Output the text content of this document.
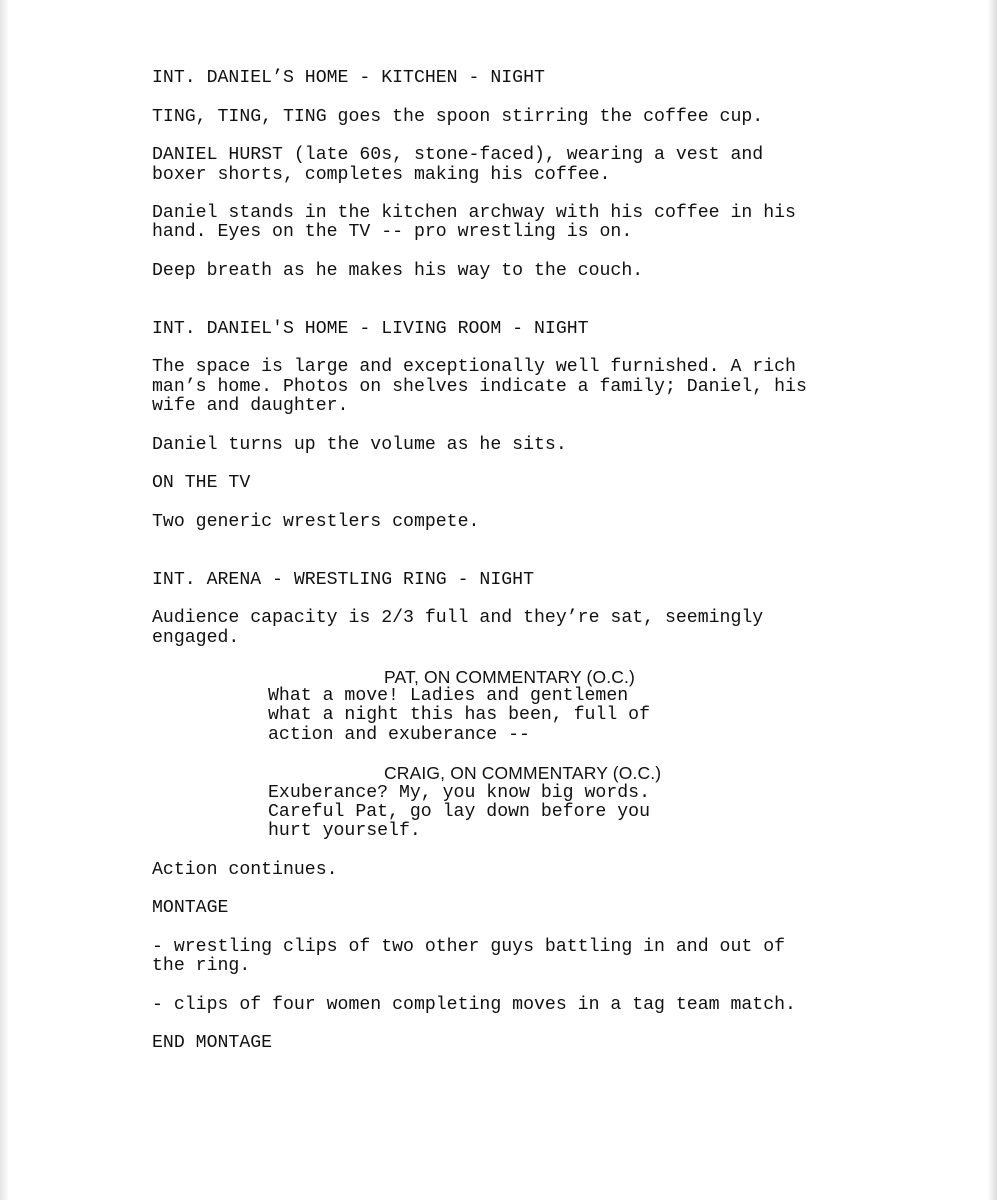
INT. DANIEL’S HOME - KITCHEN - NIGHT
TING, TING, TING goes the spoon stirring the coffee cup.
DANIEL HURST (late 60s, stone-faced), wearing a vest and
boxer shorts, completes making his coffee.
Daniel stands in the kitchen archway with his coffee in his
hand. Eyes on the TV -- pro wrestling is on.
Deep breath as he makes his way to the couch.
INT. DANIEL'S HOME - LIVING ROOM - NIGHT
The space is large and exceptionally well furnished. A rich
man’s home. Photos on shelves indicate a family; Daniel, his
wife and daughter.
Daniel turns up the volume as he sits.
ON THE TV
Two generic wrestlers compete.
INT. ARENA - WRESTLING RING - NIGHT
Audience capacity is 2/3 full and they’re sat, seemingly
engaged.
PAT, ON COMMENTARY (O.C.)
What a move! Ladies and gentlemen
what a night this has been, full of
action and exuberance --
CRAIG, ON COMMENTARY (O.C.)
Exuberance? My, you know big words.
Careful Pat, go lay down before you
hurt yourself.
Action continues.
MONTAGE
- wrestling clips of two other guys battling in and out of
the ring.
- clips of four women completing moves in a tag team match.
END MONTAGE
